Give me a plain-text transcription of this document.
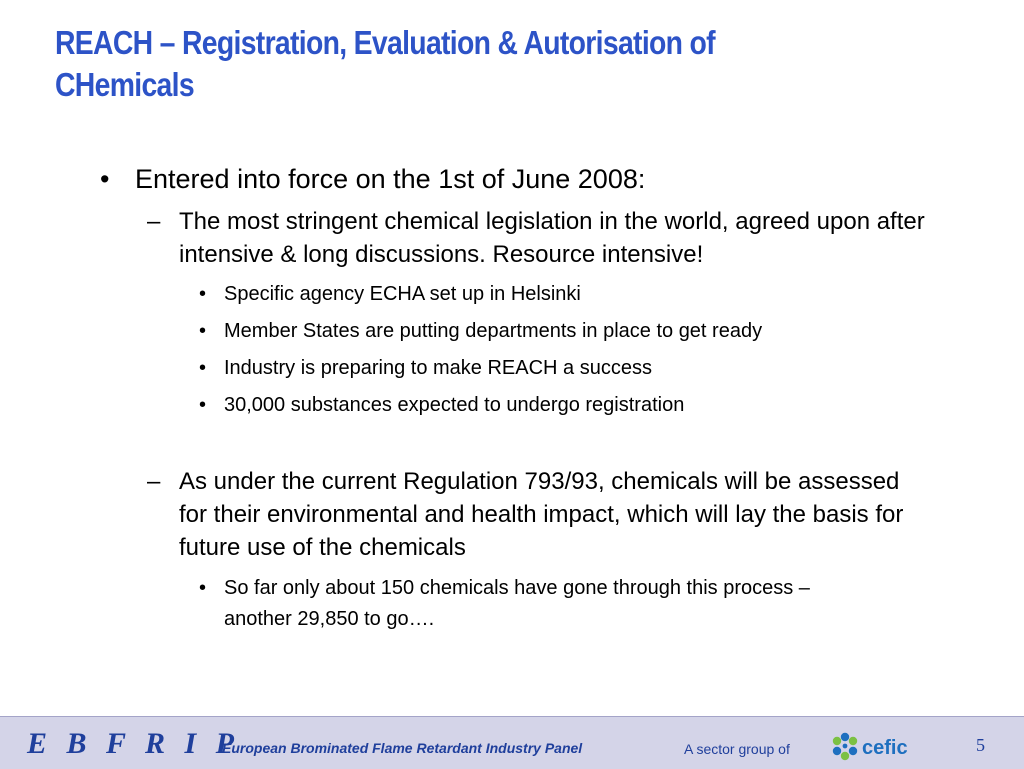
REACH – Registration, Evaluation & Autorisation of CHemicals
• Entered into force on the 1st of June 2008:
– The most stringent chemical legislation in the world, agreed upon after intensive & long discussions. Resource intensive!
• Specific agency ECHA set up in Helsinki
• Member States are putting departments in place to get ready
• Industry is preparing to make REACH a success
• 30,000 substances expected to undergo registration
– As under the current Regulation 793/93, chemicals will be assessed for their environmental and health impact, which will lay the basis for future use of the chemicals
• So far only about 150 chemicals have gone through this process – another 29,850 to go….
E B F R I P
European Brominated Flame Retardant Industry Panel	A sector group of	cefic	5
